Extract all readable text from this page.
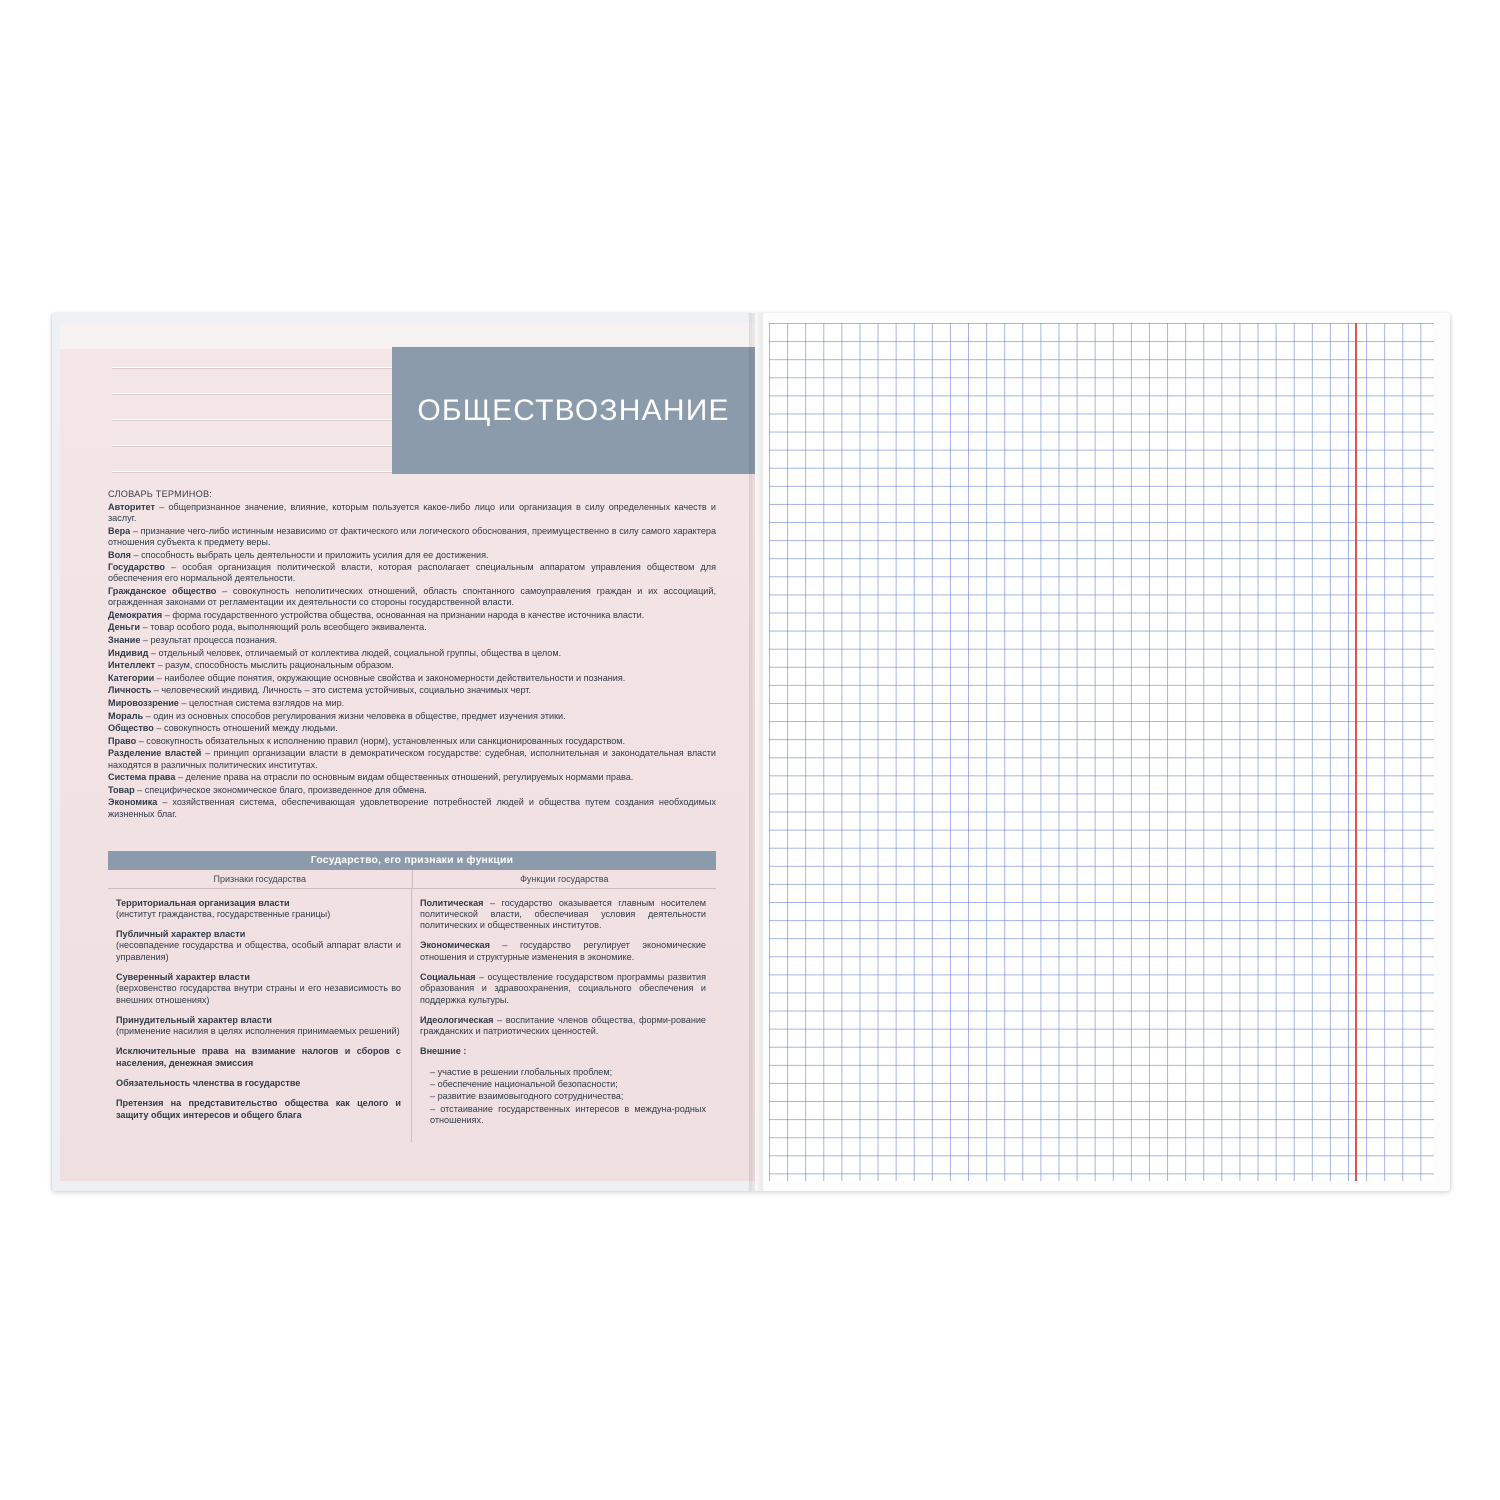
ОБЩЕСТВОЗНАНИЕ
СЛОВАРЬ ТЕРМИНОВ:
Авторитет – общепризнанное значение, влияние, которым пользуется какое-либо лицо или организация в силу определенных качеств и заслуг.
Вера – признание чего-либо истинным независимо от фактического или логического обоснования, преимущественно в силу самого характера отношения субъекта к предмету веры.
Воля – способность выбрать цель деятельности и приложить усилия для ее достижения.
Государство – особая организация политической власти, которая располагает специальным аппаратом управления обществом для обеспечения его нормальной деятельности.
Гражданское общество – совокупность неполитических отношений, область спонтанного самоуправления граждан и их ассоциаций, огражденная законами от регламентации их деятельности со стороны государственной власти.
Демократия – форма государственного устройства общества, основанная на признании народа в качестве источника власти.
Деньги – товар особого рода, выполняющий роль всеобщего эквивалента.
Знание – результат процесса познания.
Индивид – отдельный человек, отличаемый от коллектива людей, социальной группы, общества в целом.
Интеллект – разум, способность мыслить рациональным образом.
Категории – наиболее общие понятия, окружающие основные свойства и закономерности действительности и познания.
Личность – человеческий индивид. Личность – это система устойчивых, социально значимых черт.
Мировоззрение – целостная система взглядов на мир.
Мораль – один из основных способов регулирования жизни человека в обществе, предмет изучения этики.
Общество – совокупность отношений между людьми.
Право – совокупность обязательных к исполнению правил (норм), установленных или санкционированных государством.
Разделение властей – принцип организации власти в демократическом государстве: судебная, исполнительная и законодательная власти находятся в различных политических институтах.
Система права – деление права на отрасли по основным видам общественных отношений, регулируемых нормами права.
Товар – специфическое экономическое благо, произведенное для обмена.
Экономика – хозяйственная система, обеспечивающая удовлетворение потребностей людей и общества путем создания необходимых жизненных благ.
Государство, его признаки и функции
Признаки государства	Функции государства
Территориальная организация власти
(институт гражданства, государственные границы)
Публичный характер власти
(несовпадение государства и общества, особый аппарат власти и управления)
Суверенный характер власти
(верховенство государства внутри страны и его независимость во внешних отношениях)
Принудительный характер власти
(применение насилия в целях исполнения принимаемых решений)
Исключительные права на взимание налогов и сборов с населения, денежная эмиссия
Обязательность членства в государстве
Претензия на представительство общества как целого и защиту общих интересов и общего блага
Политическая – государство оказывается главным носителем политической власти, обеспечивая условия деятельности политических и общественных институтов.
Экономическая – государство регулирует экономические отношения и структурные изменения в экономике.
Социальная – осуществление государством программы развития образования и здравоохранения, социального обеспечения и поддержка культуры.
Идеологическая – воспитание членов общества, форми-рование гражданских и патриотических ценностей.
Внешние :
– участие в решении глобальных проблем;
– обеспечение национальной безопасности;
– развитие взаимовыгодного сотрудничества;
– отстаивание государственных интересов в междуна-родных отношениях.
